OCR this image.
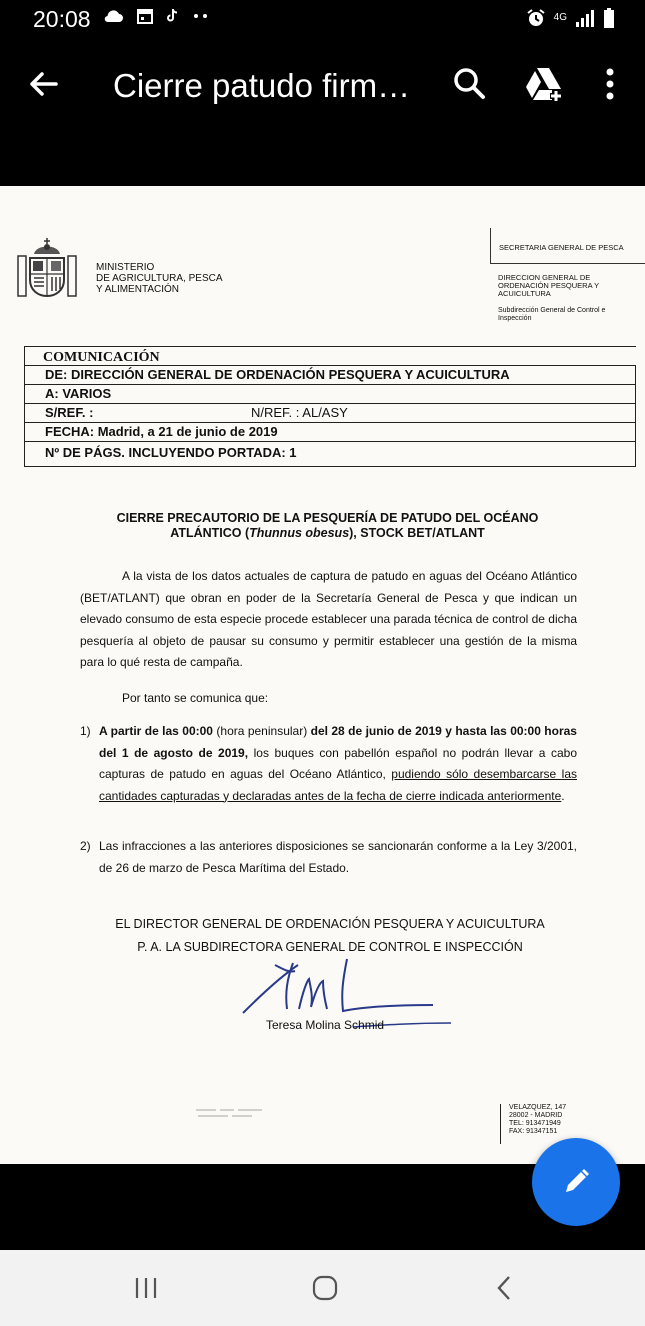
20:08	4G
Cierre patudo firm…
MINISTERIO
DE AGRICULTURA, PESCA
Y ALIMENTACIÓN
SECRETARIA GENERAL DE PESCA
DIRECCION GENERAL DE
ORDENACIÓN PESQUERA Y
ACUICULTURA
Subdirección General de Control e
Inspección
COMUNICACIÓN
DE: DIRECCIÓN GENERAL DE ORDENACIÓN PESQUERA Y ACUICULTURA
A: VARIOS
S/REF. :	N/REF. : AL/ASY
FECHA: Madrid, a 21 de junio de 2019
Nº DE PÁGS. INCLUYENDO PORTADA: 1
CIERRE PRECAUTORIO DE LA PESQUERÍA DE PATUDO DEL OCÉANO
ATLÁNTICO (Thunnus obesus), STOCK BET/ATLANT
A la vista de los datos actuales de captura de patudo en aguas del Océano Atlántico (BET/ATLANT) que obran en poder de la Secretaría General de Pesca y que indican un elevado consumo de esta especie procede establecer una parada técnica de control de dicha pesquería al objeto de pausar su consumo y permitir establecer una gestión de la misma para lo qué resta de campaña.
Por tanto se comunica que:
1) A partir de las 00:00 (hora peninsular) del 28 de junio de 2019 y hasta las 00:00 horas del 1 de agosto de 2019, los buques con pabellón español no podrán llevar a cabo capturas de patudo en aguas del Océano Atlántico, pudiendo sólo desembarcarse las cantidades capturadas y declaradas antes de la fecha de cierre indicada anteriormente.
2) Las infracciones a las anteriores disposiciones se sancionarán conforme a la Ley 3/2001, de 26 de marzo de Pesca Marítima del Estado.
EL DIRECTOR GENERAL DE ORDENACIÓN PESQUERA Y ACUICULTURA
P. A. LA SUBDIRECTORA GENERAL DE CONTROL E INSPECCIÓN
Teresa Molina Schmid
VELAZQUEZ, 147
28002 - MADRID
TEL: 913471949
FAX: 91347151
